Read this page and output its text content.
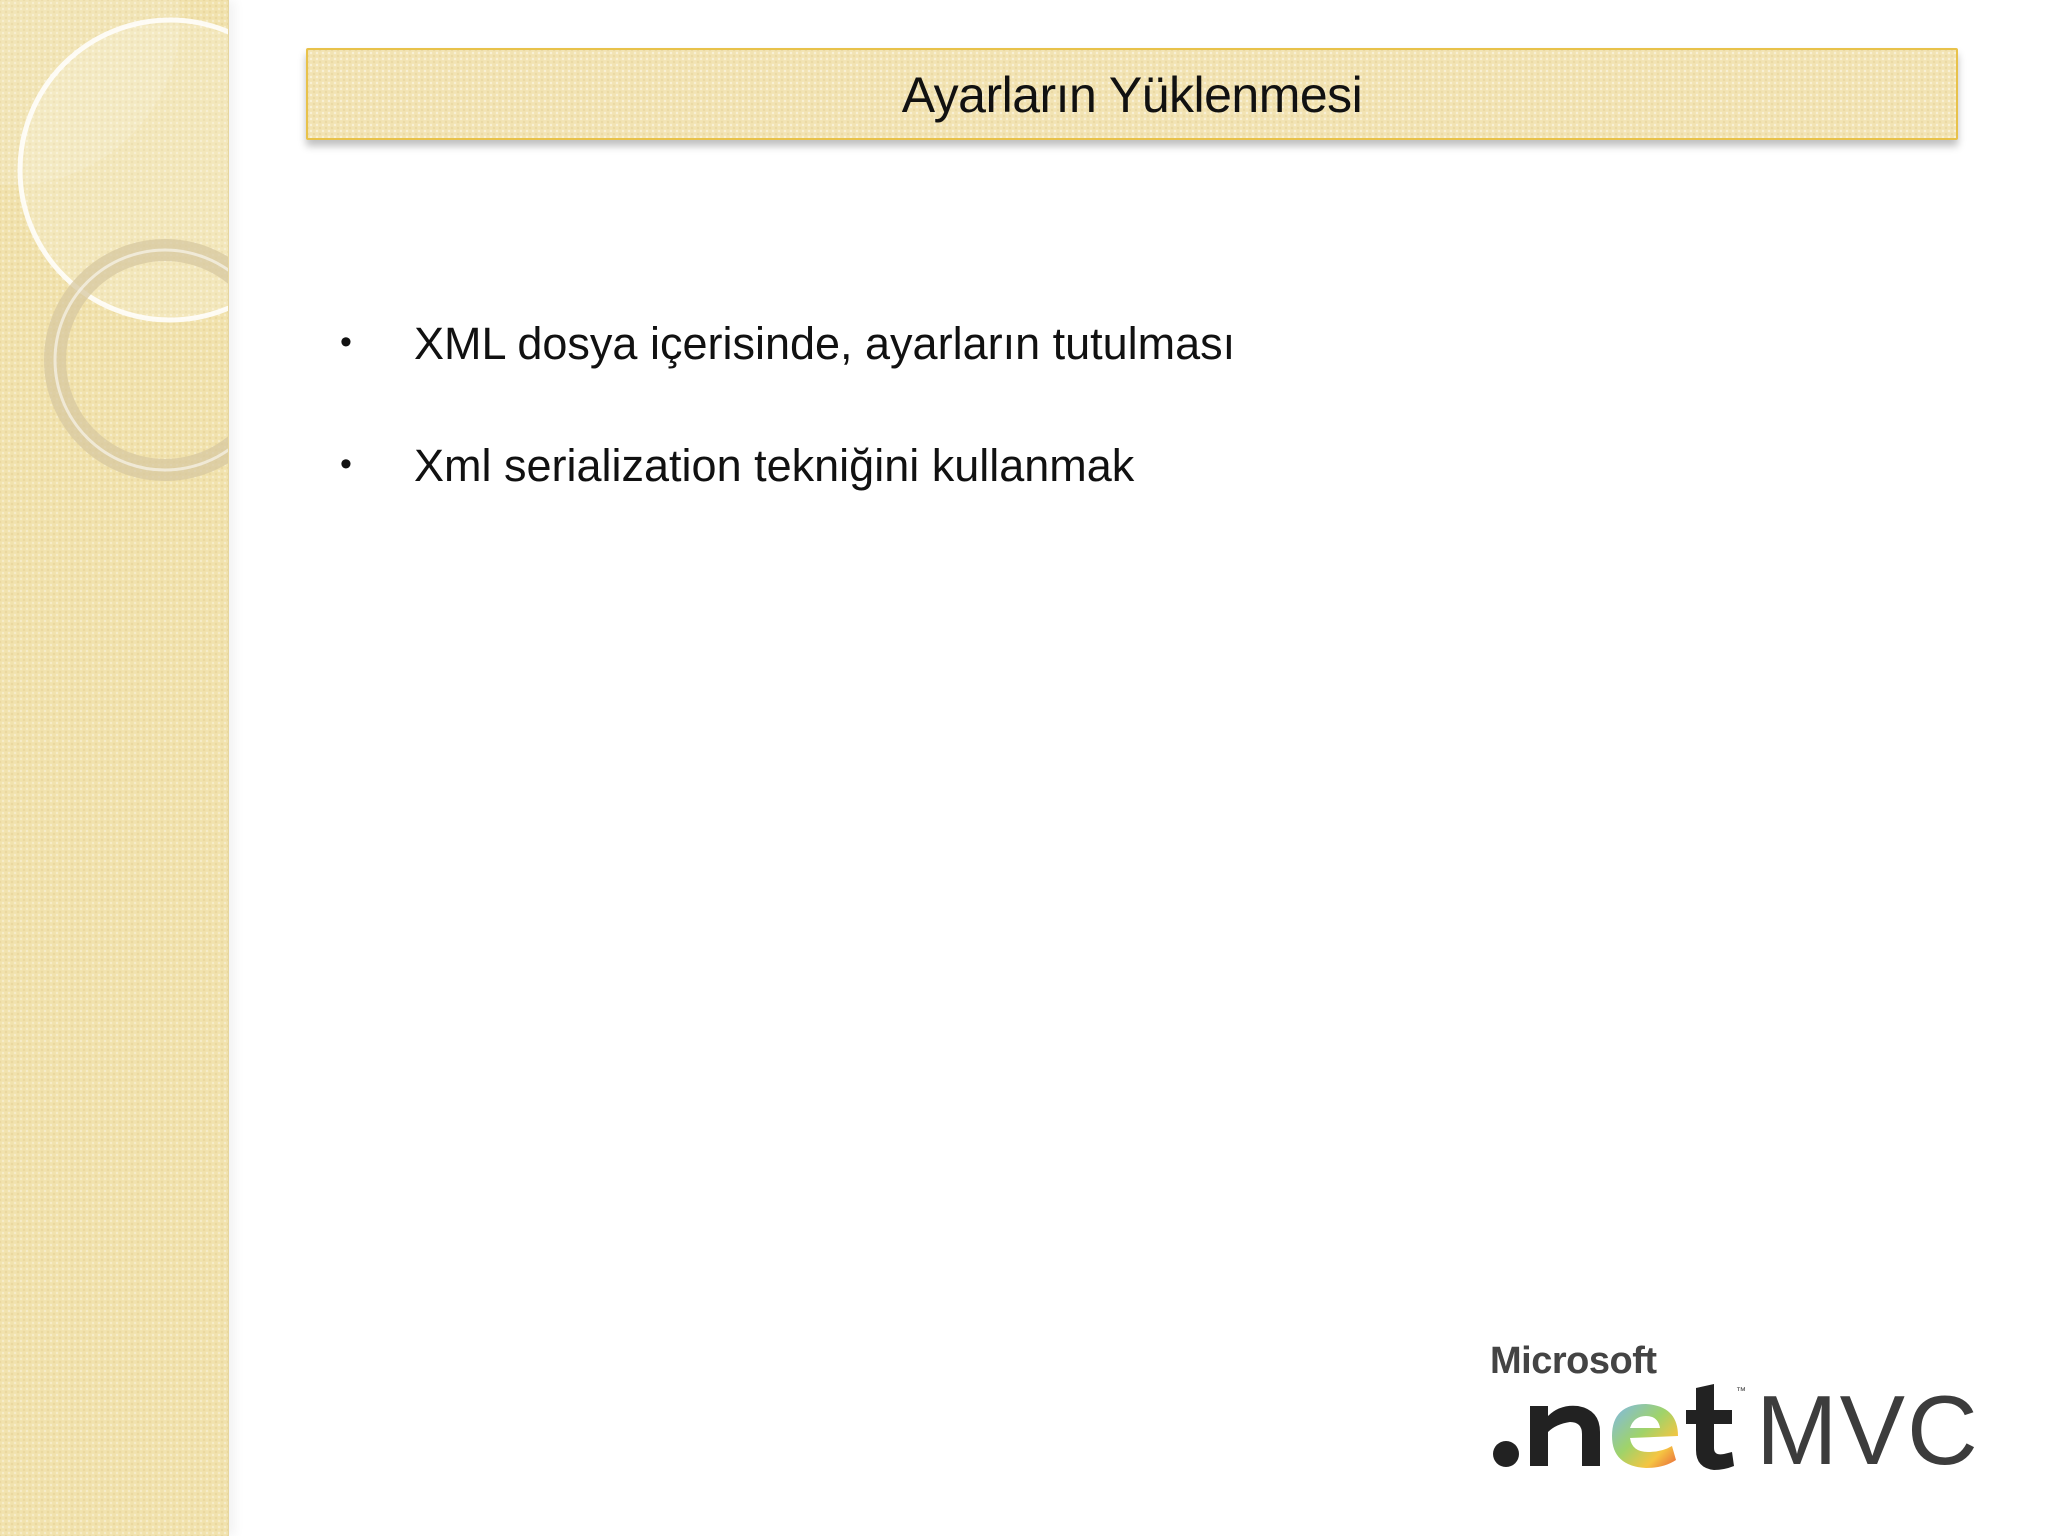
Ayarların Yüklenmesi
•	XML dosya içerisinde, ayarların tutulması
•	Xml serialization tekniğini kullanmak
Microsoft
™ MVC
